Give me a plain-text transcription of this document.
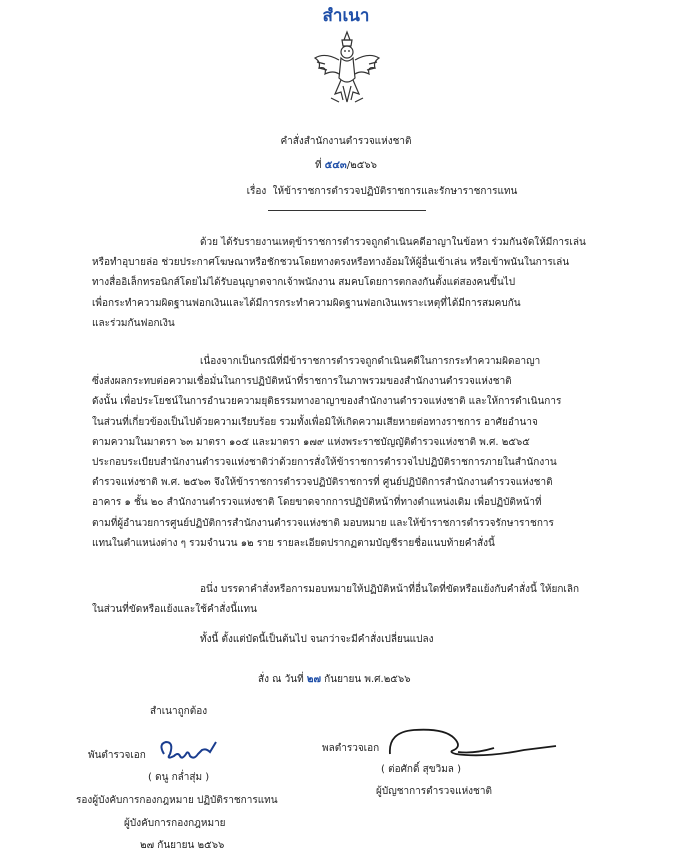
สำเนา
คำสั่งสำนักงานตำรวจแห่งชาติ
ที่ ๕๔๓/๒๕๖๖
เรื่อง ให้ข้าราชการตำรวจปฏิบัติราชการและรักษาราชการแทน
ด้วย ได้รับรายงานเหตุข้าราชการตำรวจถูกดำเนินคดีอาญาในข้อหา ร่วมกันจัดให้มีการเล่น
หรือทำอุบายล่อ ช่วยประกาศโฆษณาหรือชักชวนโดยทางตรงหรือทางอ้อมให้ผู้อื่นเข้าเล่น หรือเข้าพนันในการเล่น
ทางสื่ออิเล็กทรอนิกส์โดยไม่ได้รับอนุญาตจากเจ้าพนักงาน สมคบโดยการตกลงกันตั้งแต่สองคนขึ้นไป
เพื่อกระทำความผิดฐานฟอกเงินและได้มีการกระทำความผิดฐานฟอกเงินเพราะเหตุที่ได้มีการสมคบกัน
และร่วมกันฟอกเงิน
เนื่องจากเป็นกรณีที่มีข้าราชการตำรวจถูกดำเนินคดีในการกระทำความผิดอาญา
ซึ่งส่งผลกระทบต่อความเชื่อมั่นในการปฏิบัติหน้าที่ราชการในภาพรวมของสำนักงานตำรวจแห่งชาติ
ดังนั้น เพื่อประโยชน์ในการอำนวยความยุติธรรมทางอาญาของสำนักงานตำรวจแห่งชาติ และให้การดำเนินการ
ในส่วนที่เกี่ยวข้องเป็นไปด้วยความเรียบร้อย รวมทั้งเพื่อมิให้เกิดความเสียหายต่อทางราชการ อาศัยอำนาจ
ตามความในมาตรา ๖๓ มาตรา ๑๐๕ และมาตรา ๑๗๙ แห่งพระราชบัญญัติตำรวจแห่งชาติ พ.ศ. ๒๕๖๕
ประกอบระเบียบสำนักงานตำรวจแห่งชาติว่าด้วยการสั่งให้ข้าราชการตำรวจไปปฏิบัติราชการภายในสำนักงาน
ตำรวจแห่งชาติ พ.ศ. ๒๕๖๓ จึงให้ข้าราชการตำรวจปฏิบัติราชการที่ ศูนย์ปฏิบัติการสำนักงานตำรวจแห่งชาติ
อาคาร ๑ ชั้น ๒๐ สำนักงานตำรวจแห่งชาติ โดยขาดจากการปฏิบัติหน้าที่ทางตำแหน่งเดิม เพื่อปฏิบัติหน้าที่
ตามที่ผู้อำนวยการศูนย์ปฏิบัติการสำนักงานตำรวจแห่งชาติ มอบหมาย และให้ข้าราชการตำรวจรักษาราชการ
แทนในตำแหน่งต่าง ๆ รวมจำนวน ๑๒ ราย รายละเอียดปรากฏตามบัญชีรายชื่อแนบท้ายคำสั่งนี้
อนึ่ง บรรดาคำสั่งหรือการมอบหมายให้ปฏิบัติหน้าที่อื่นใดที่ขัดหรือแย้งกับคำสั่งนี้ ให้ยกเลิก
ในส่วนที่ขัดหรือแย้งและใช้คำสั่งนี้แทน
ทั้งนี้ ตั้งแต่บัดนี้เป็นต้นไป จนกว่าจะมีคำสั่งเปลี่ยนแปลง
สั่ง ณ วันที่ ๒๗ กันยายน พ.ศ.๒๕๖๖
สำเนาถูกต้อง
พันตำรวจเอก
( ดนู กล่ำสุ่ม )
รองผู้บังคับการกองกฎหมาย ปฏิบัติราชการแทน
ผู้บังคับการกองกฎหมาย
๒๗ กันยายน ๒๕๖๖
พลตำรวจเอก
( ต่อศักดิ์ สุขวิมล )
ผู้บัญชาการตำรวจแห่งชาติ
